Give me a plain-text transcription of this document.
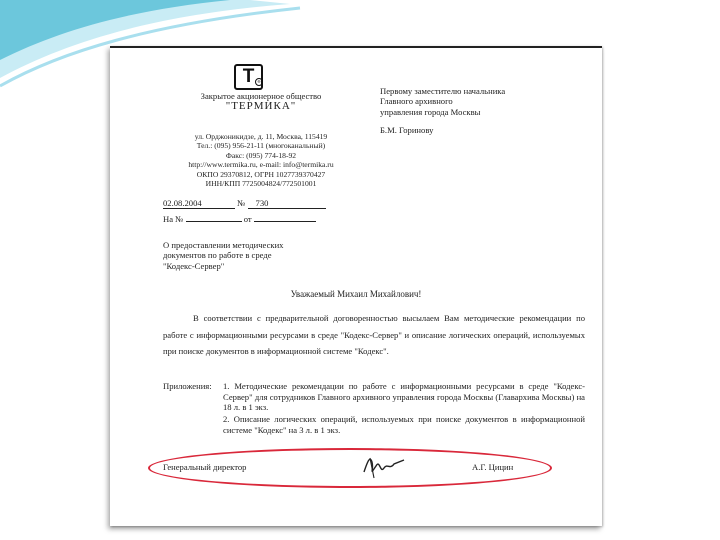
T ®
Закрытое акционерное общество
"ТЕРМИКА"
ул. Орджоникидзе, д. 11, Москва, 115419
Тел.: (095) 956-21-11 (многоканальный)
Факс: (095) 774-18-92
http://www.termika.ru, e-mail: info@termika.ru
ОКПО 29370812, ОГРН 1027739370427
ИНН/КПП 7725004824/772501001
Первому заместителю начальника
Главного архивного
управления города Москвы
Б.М. Горинову
02.08.2004	№ 730
На №	от
О предоставлении методических
документов по работе в среде
"Кодекс-Сервер"
Уважаемый Михаил Михайлович!
В соответствии с предварительной договоренностью высылаем Вам методические рекомендации по работе с информационными ресурсами в среде "Кодекс-Сервер" и описание логических операций, используемых при поиске документов в информационной системе "Кодекс".
Приложения: 1. Методические рекомендации по работе с информационными ресурсами в среде "Кодекс-Сервер" для сотрудников Главного архивного управления города Москвы (Главархива Москвы) на 18 л. в 1 экз.
2. Описание логических операций, используемых при поиске документов в информационной системе "Кодекс" на 3 л. в 1 экз.
Генеральный директор	А.Г. Цицин
